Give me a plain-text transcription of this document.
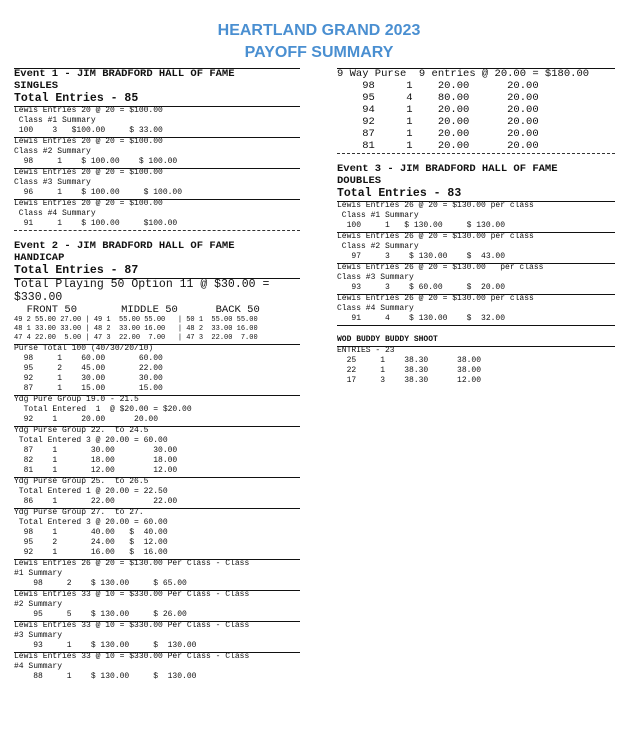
HEARTLAND GRAND 2023
PAYOFF SUMMARY
Event 1 - JIM BRADFORD HALL OF FAME
SINGLES
Total Entries - 85
Lewis Entries 20 @ 20 = $100.00
Class #1 Summary
100    3   $100.00     $ 33.00
Lewis Entries 20 @ 20 = $100.00
Class #2 Summary
98     1    $ 100.00    $ 100.00
Lewis Entries 20 @ 20 = $100.00
Class #3 Summary
96     1    $ 100.00     $ 100.00
Lewis Entries 20 @ 20 = $100.00
Class #4 Summary
91     1    $ 100.00     $100.00
Event 2 - JIM BRADFORD HALL OF FAME
HANDICAP
Total Entries - 87
Total Playing 50 Option 11 @ $30.00 =
$330.00
FRONT 50       MIDDLE 50      BACK 50
49 2 55.00 27.00 | 49 1  55.00 55.00   | 50 1  55.00 55.00
48 1 33.00 33.00 | 48 2  33.00 16.00   | 48 2  33.00 16.00
47 4 22.00  5.00 | 47 3  22.00  7.00   | 47 3  22.00  7.00
Purse Total 100 (40/30/20/10)
98     1    60.00       60.00
95     2    45.00       22.00
92     1    30.00       30.00
87     1    15.00       15.00
Ydg Pure Group 19.0 - 21.5
Total Entered  1  @ $20.00 = $20.00
92    1     20.00      20.00
Ydg Purse Group 22.  to 24.5
Total Entered 3 @ 20.00 = 60.00
87    1       30.00        30.00
82    1       18.00        18.00
81    1       12.00        12.00
Ydg Purse Group 25.  to 26.5
Total Entered 1 @ 20.00 = 22.50
86    1       22.00        22.00
Ydg Purse Group 27.  to 27.
Total Entered 3 @ 20.00 = 60.00
98    1       40.00   $  40.00
95    2       24.00   $  12.00
92    1       16.00   $  16.00
Lewis Entries 26 @ 20 = $130.00 Per Class - Class
#1 Summary
98     2    $ 130.00     $ 65.00
Lewis Entries 33 @ 10 = $330.00 Per Class - Class
#2 Summary
95     5    $ 130.00     $ 26.00
Lewis Entries 33 @ 10 = $330.00 Per Class - Class
#3 Summary
93     1    $ 130.00     $  130.00
Lewis Entries 33 @ 10 = $330.00 Per Class - Class
#4 Summary
88     1    $ 130.00     $  130.00
9 Way Purse  9 entries @ 20.00 = $180.00
98     1    20.00      20.00
95     4    80.00      20.00
94     1    20.00      20.00
92     1    20.00      20.00
87     1    20.00      20.00
81     1    20.00      20.00
Event 3 - JIM BRADFORD HALL OF FAME
DOUBLES
Total Entries - 83
Lewis Entries 26 @ 20 = $130.00 per class
Class #1 Summary
100     1   $ 130.00     $ 130.00
Lewis Entries 26 @ 20 = $130.00 per class
Class #2 Summary
97     3    $ 130.00    $  43.00
Lewis Entries 26 @ 20 = $130.00   per class
Class #3 Summary
93     3    $ 60.00     $  20.00
Lewis Entries 26 @ 20 = $130.00 per class
Class #4 Summary
91     4    $ 130.00    $  32.00
WOD BUDDY BUDDY SHOOT
ENTRIES - 23
25     1    38.30      38.00
22     1    38.30      38.00
17     3    38.30      12.00
